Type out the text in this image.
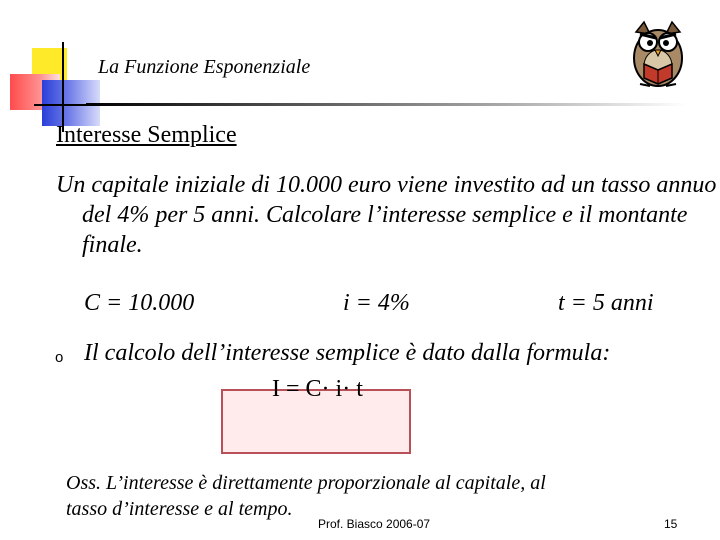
La Funzione Esponenziale
Interesse Semplice
Un capitale iniziale di 10.000 euro viene investito ad un tasso annuo del 4% per 5 anni. Calcolare l’interesse semplice e il montante finale.
C = 10.000	i = 4%	t = 5 anni
o Il calcolo dell’interesse semplice è dato dalla formula:
I = C· i· t
Oss. L’interesse è direttamente proporzionale al capitale, al
tasso d’interesse e al tempo.
Prof. Biasco 2006-07	15
